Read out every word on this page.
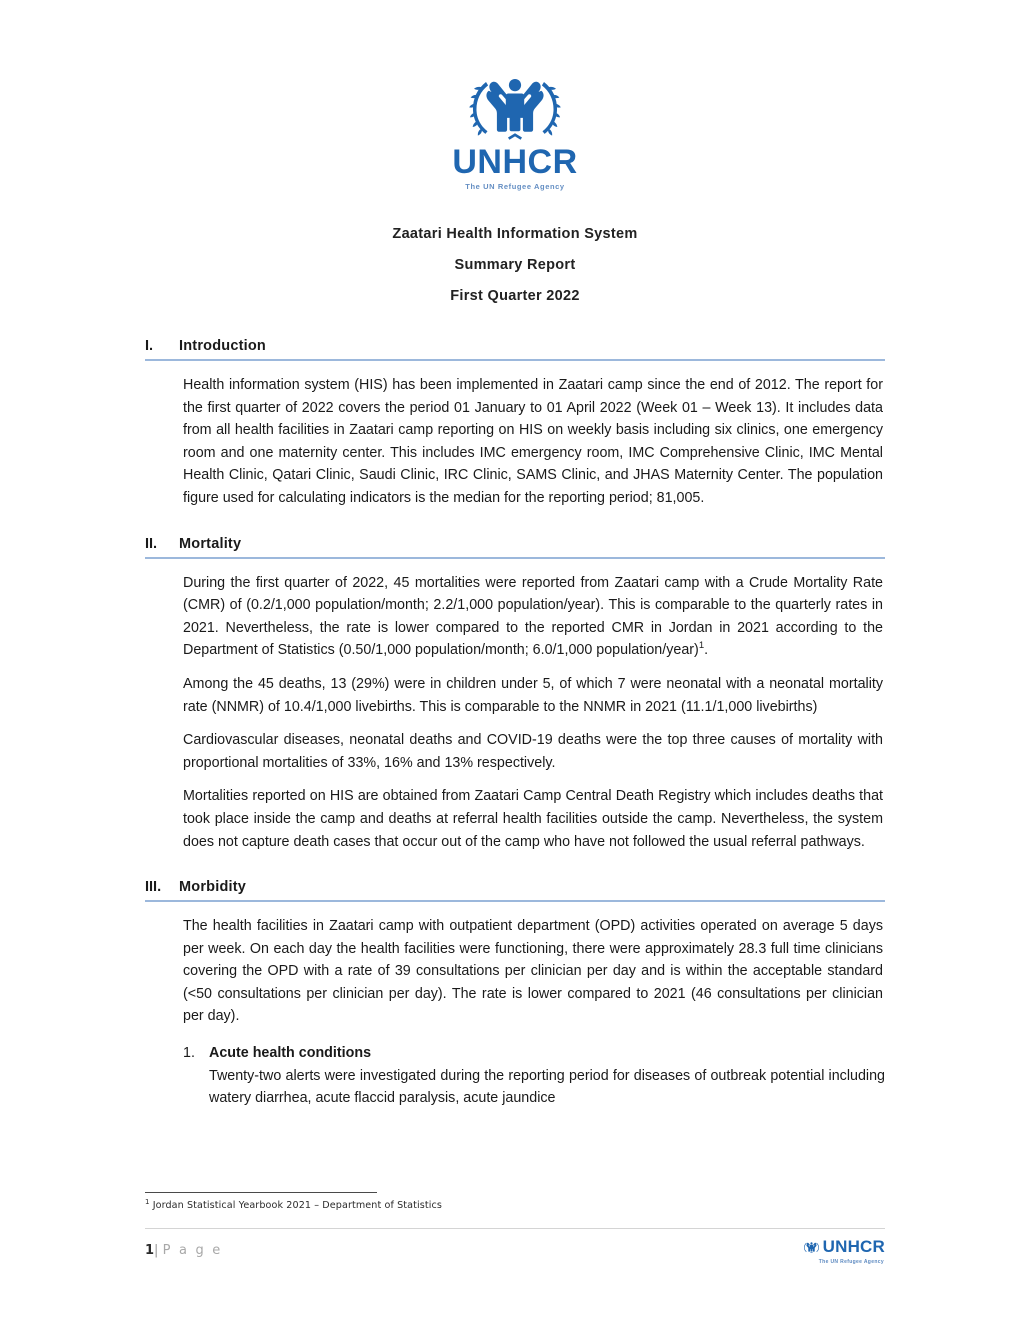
UNHCR
The UN Refugee Agency
Zaatari Health Information System
Summary Report
First Quarter 2022
I.	Introduction

Health information system (HIS) has been implemented in Zaatari camp since the end of 2012. The report for the first quarter of 2022 covers the period 01 January to 01 April 2022 (Week 01 – Week 13). It includes data from all health facilities in Zaatari camp reporting on HIS on weekly basis including six clinics, one emergency room and one maternity center. This includes IMC emergency room, IMC Comprehensive Clinic, IMC Mental Health Clinic, Qatari Clinic, Saudi Clinic, IRC Clinic, SAMS Clinic, and JHAS Maternity Center. The population figure used for calculating indicators is the median for the reporting period; 81,005.

II.	Mortality

During the first quarter of 2022, 45 mortalities were reported from Zaatari camp with a Crude Mortality Rate (CMR) of (0.2/1,000 population/month; 2.2/1,000 population/year). This is comparable to the quarterly rates in 2021. Nevertheless, the rate is lower compared to the reported CMR in Jordan in 2021 according to the Department of Statistics (0.50/1,000 population/month; 6.0/1,000 population/year)$^1$.

Among the 45 deaths, 13 (29%) were in children under 5, of which 7 were neonatal with a neonatal mortality rate (NNMR) of 10.4/1,000 livebirths. This is comparable to the NNMR in 2021 (11.1/1,000 livebirths)

Cardiovascular diseases, neonatal deaths and COVID-19 deaths were the top three causes of mortality with proportional mortalities of 33%, 16% and 13% respectively.

Mortalities reported on HIS are obtained from Zaatari Camp Central Death Registry which includes deaths that took place inside the camp and deaths at referral health facilities outside the camp. Nevertheless, the system does not capture death cases that occur out of the camp who have not followed the usual referral pathways.

III.	Morbidity

The health facilities in Zaatari camp with outpatient department (OPD) activities operated on average 5 days per week. On each day the health facilities were functioning, there were approximately 28.3 full time clinicians covering the OPD with a rate of 39 consultations per clinician per day and is within the acceptable standard (<50 consultations per clinician per day). The rate is lower compared to 2021 (46 consultations per clinician per day).

1. Acute health conditions

Twenty-two alerts were investigated during the reporting period for diseases of outbreak potential including watery diarrhea, acute flaccid paralysis, acute jaundice

$^1$ Jordan Statistical Yearbook 2021 – Department of Statistics
1| P a g e	UNHCR
The UN Refugee Agency
